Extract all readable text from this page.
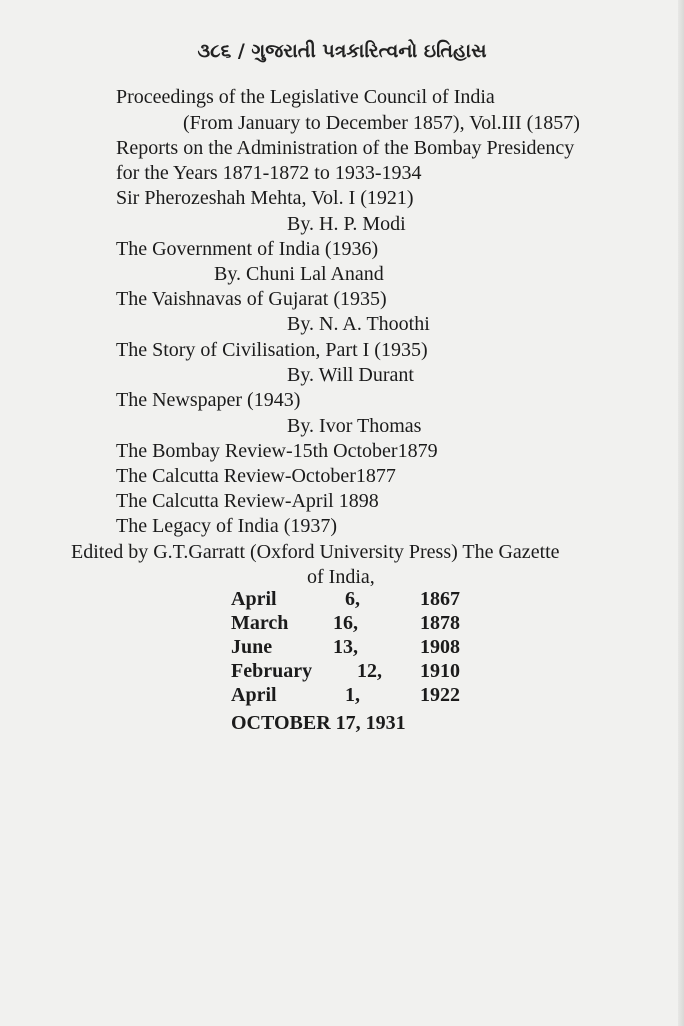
૩૮૬ / ગુજરાતી પત્રકારિત્વનો ઇતિહાસ
Proceedings of the Legislative Council of India
(From January to December 1857), Vol.III (1857)
Reports on the Administration of the Bombay Presidency
for the Years 1871-1872 to 1933-1934
Sir Pherozeshah Mehta, Vol. I (1921)
By. H. P. Modi
The Government of India (1936)
By. Chuni Lal Anand
The Vaishnavas of Gujarat (1935)
By. N. A. Thoothi
The Story of Civilisation, Part I (1935)
By. Will Durant
The Newspaper (1943)
By. Ivor Thomas
The Bombay Review-15th October1879
The Calcutta Review-October1877
The Calcutta Review-April 1898
The Legacy of India (1937)
Edited by G.T.Garratt (Oxford University Press) The Gazette
of India,
April	6,	1867
March 16,	1878
June	13,	1908
February 12, 1910
April	1,	1922
OCTOBER 17, 1931
